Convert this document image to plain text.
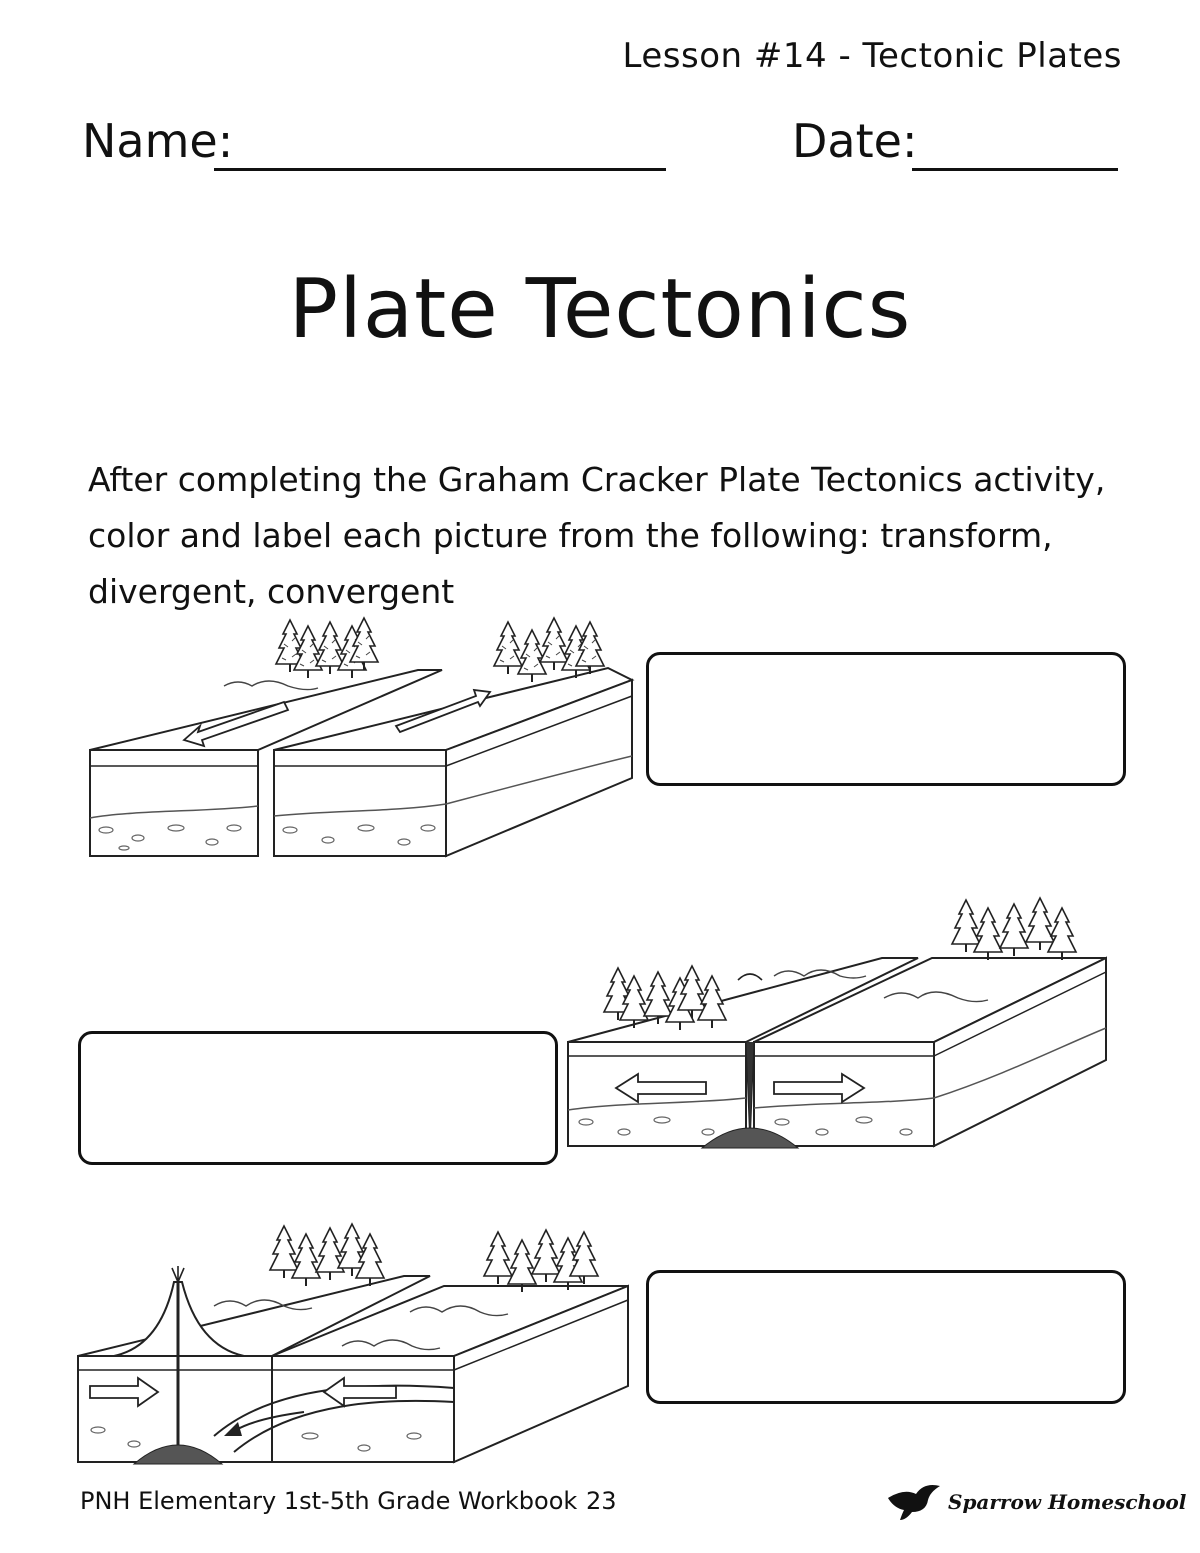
Lesson #14 - Tectonic Plates
Name:	Date:
Plate Tectonics
After completing the Graham Cracker Plate Tectonics activity, color and label each picture from the following: transform, divergent, convergent
PNH Elementary 1st-5th Grade Workbook 23	Sparrow Homeschool
